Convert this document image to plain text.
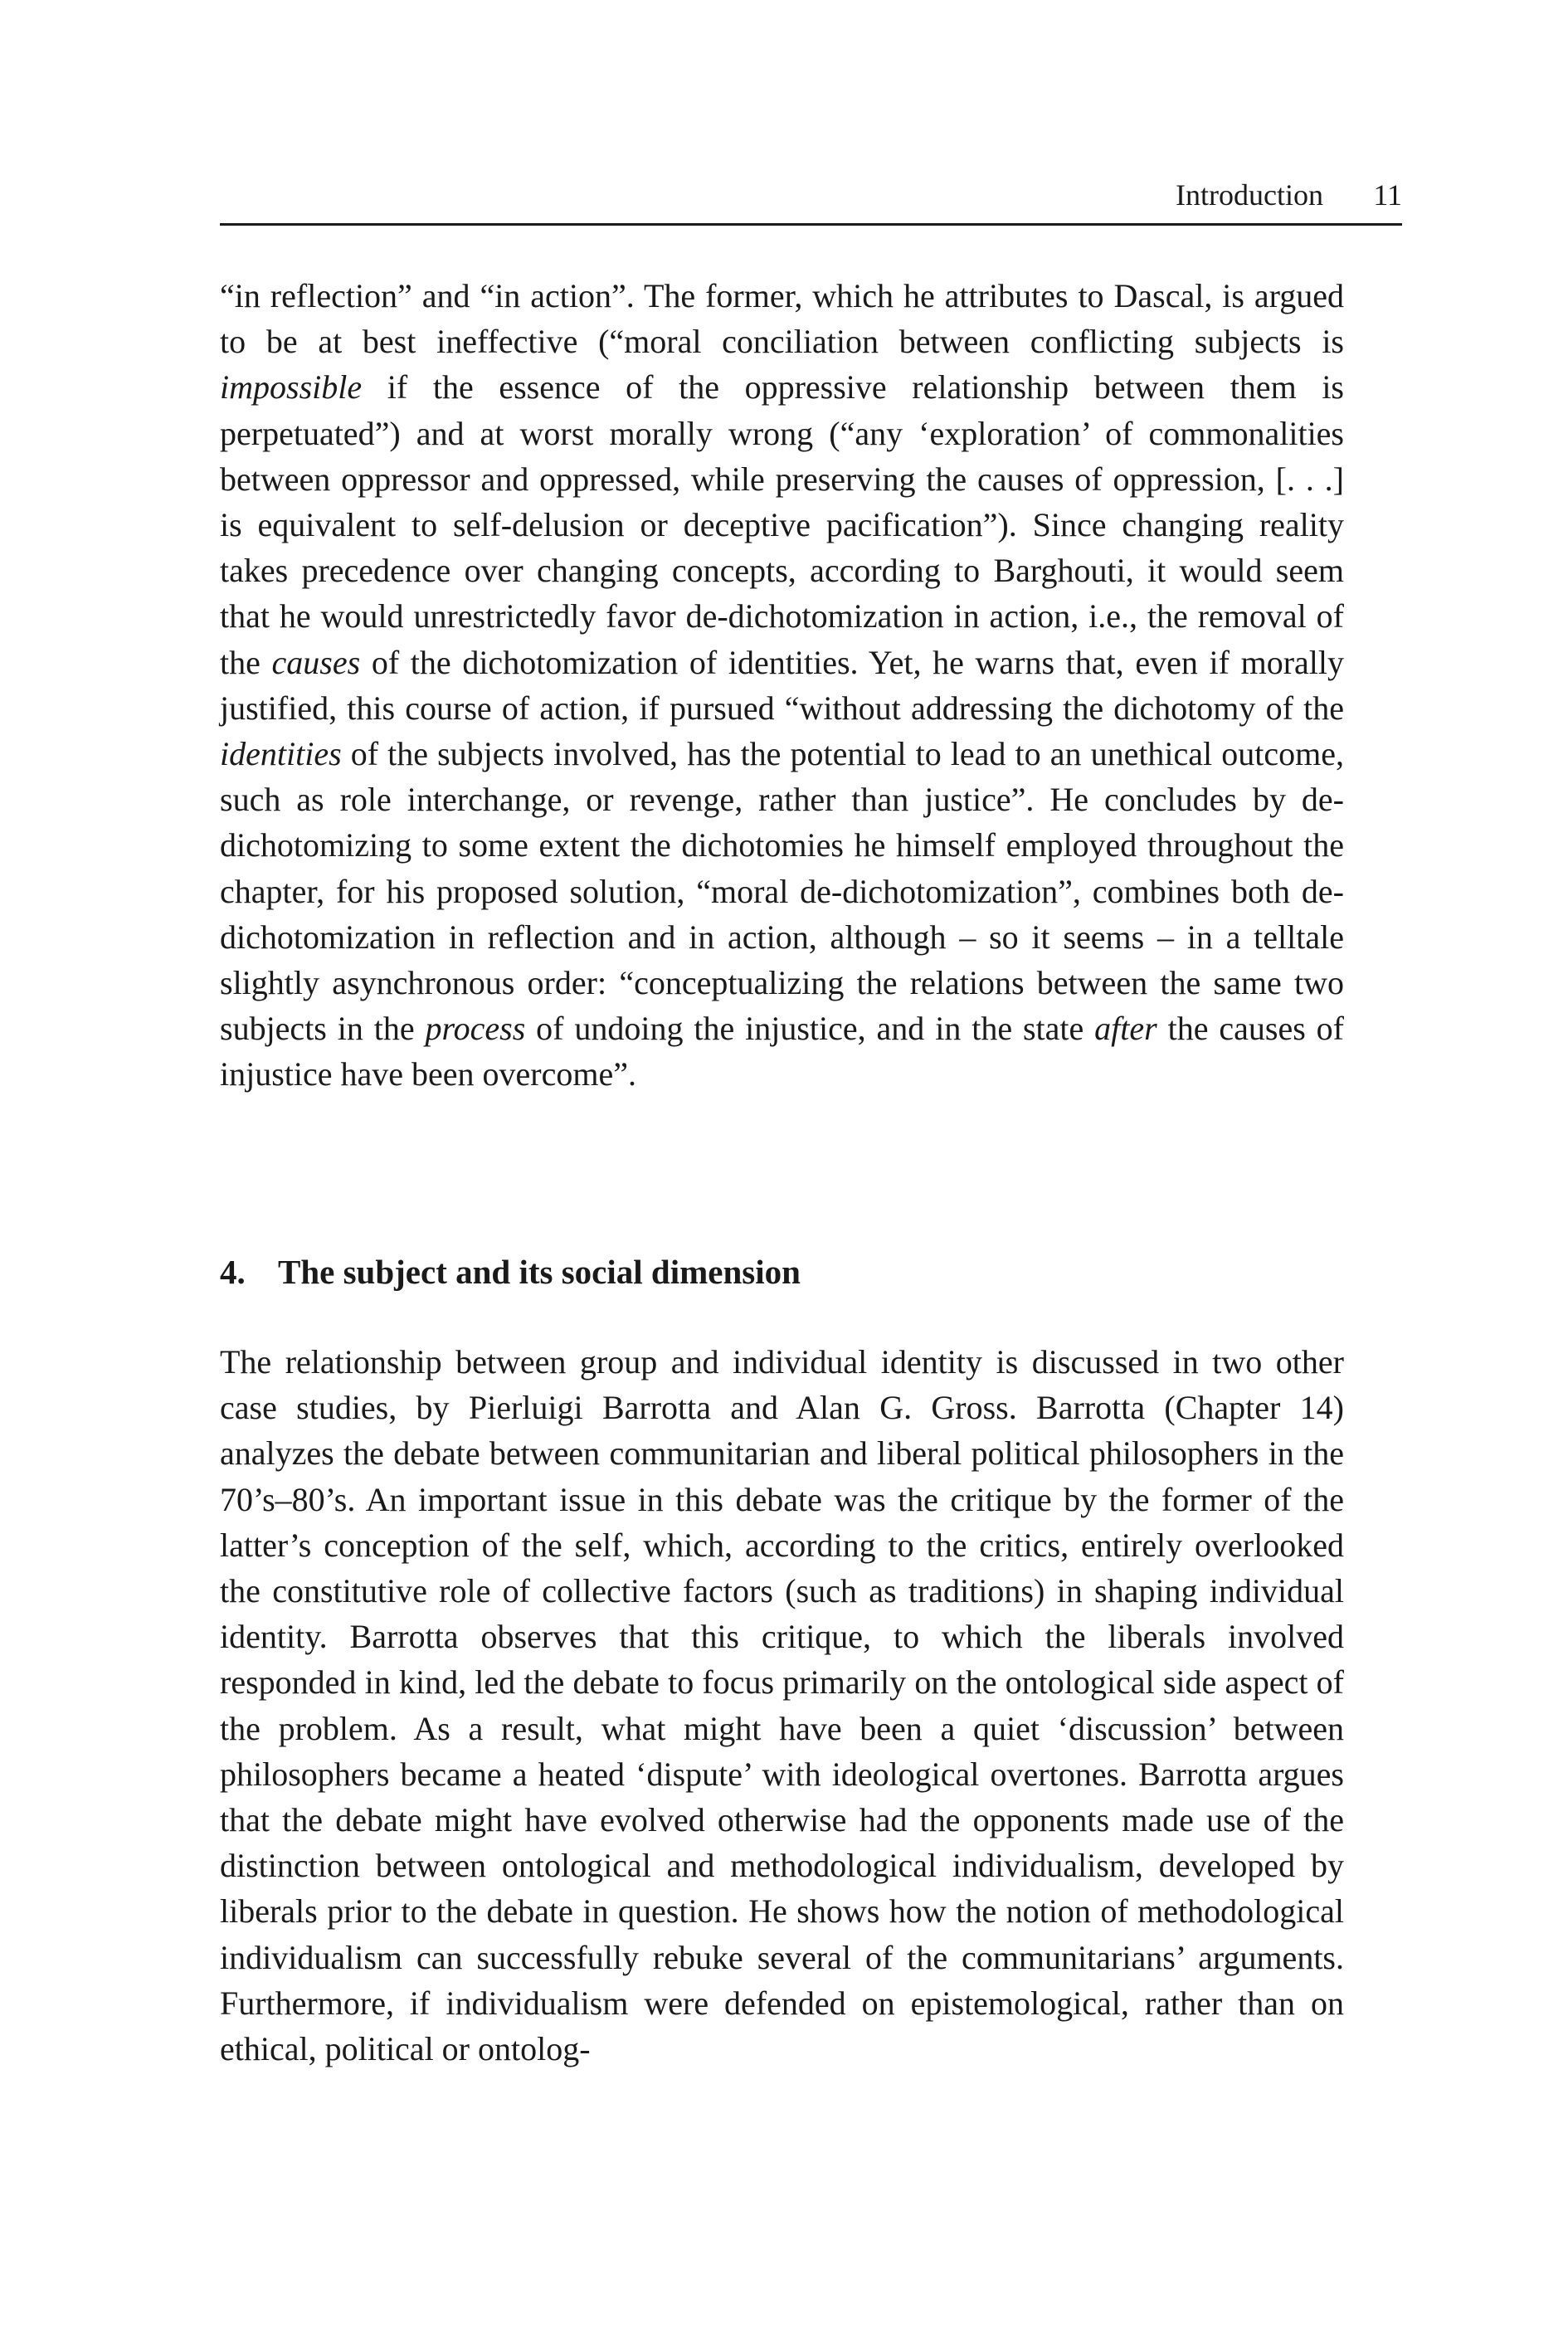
Introduction 11

“in reflection” and “in action”. The former, which he attributes to Dascal, is argued to be at best ineffective (“moral conciliation between conflicting subjects is impossible if the essence of the oppressive relationship between them is perpetuated”) and at worst morally wrong (“any ‘exploration’ of commonalities between oppressor and oppressed, while preserving the causes of oppression, [. . .] is equivalent to self-delusion or deceptive pacification”). Since changing reality takes precedence over changing concepts, according to Barghouti, it would seem that he would unrestrictedly favor de-dichotomization in action, i.e., the removal of the causes of the dichotomization of identities. Yet, he warns that, even if morally justified, this course of action, if pursued “without addressing the dichotomy of the identities of the subjects involved, has the potential to lead to an unethical outcome, such as role interchange, or revenge, rather than justice”. He concludes by de-dichotomizing to some extent the dichotomies he himself employed throughout the chapter, for his proposed solution, “moral de-dichotomization”, combines both de-dichotomization in reflection and in action, although – so it seems – in a telltale slightly asynchronous order: “conceptualizing the relations between the same two subjects in the process of undoing the injustice, and in the state after the causes of injustice have been overcome”.

4. The subject and its social dimension

The relationship between group and individual identity is discussed in two other case studies, by Pierluigi Barrotta and Alan G. Gross. Barrotta (Chapter 14) analyzes the debate between communitarian and liberal political philosophers in the 70’s–80’s. An important issue in this debate was the critique by the former of the latter’s conception of the self, which, according to the critics, entirely overlooked the constitutive role of collective factors (such as traditions) in shaping individual identity. Barrotta observes that this critique, to which the liberals involved responded in kind, led the debate to focus primarily on the ontological side aspect of the problem. As a result, what might have been a quiet ‘discussion’ between philosophers became a heated ‘dispute’ with ideological overtones. Barrotta argues that the debate might have evolved otherwise had the opponents made use of the distinction between ontological and methodological individualism, developed by liberals prior to the debate in question. He shows how the notion of methodological individualism can successfully rebuke several of the communitarians’ arguments. Furthermore, if individualism were defended on epistemological, rather than on ethical, political or ontolog-
